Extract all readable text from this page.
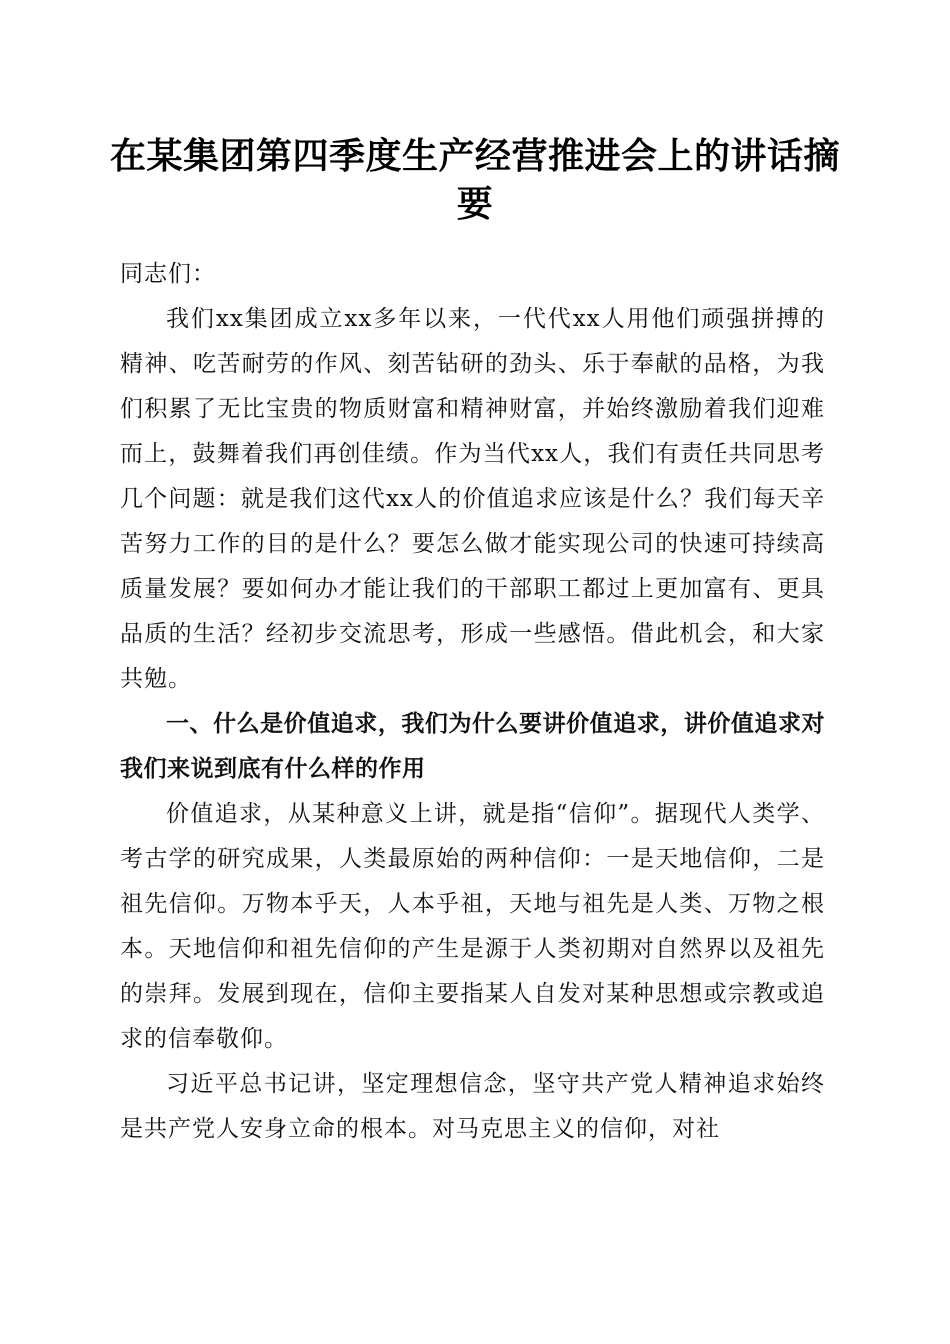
在某集团第四季度生产经营推进会上的讲话摘要

同志们：

我们xx集团成立xx多年以来，一代代xx人用他们顽强拼搏的精神、吃苦耐劳的作风、刻苦钻研的劲头、乐于奉献的品格，为我们积累了无比宝贵的物质财富和精神财富，并始终激励着我们迎难而上，鼓舞着我们再创佳绩。作为当代xx人，我们有责任共同思考几个问题：就是我们这代xx人的价值追求应该是什么？我们每天辛苦努力工作的目的是什么？要怎么做才能实现公司的快速可持续高质量发展？要如何办才能让我们的干部职工都过上更加富有、更具品质的生活？经初步交流思考，形成一些感悟。借此机会，和大家共勉。

一、什么是价值追求，我们为什么要讲价值追求，讲价值追求对我们来说到底有什么样的作用

价值追求，从某种意义上讲，就是指“信仰”。据现代人类学、考古学的研究成果，人类最原始的两种信仰：一是天地信仰，二是祖先信仰。万物本乎天，人本乎祖，天地与祖先是人类、万物之根本。天地信仰和祖先信仰的产生是源于人类初期对自然界以及祖先的崇拜。发展到现在，信仰主要指某人自发对某种思想或宗教或追求的信奉敬仰。

习近平总书记讲，坚定理想信念，坚守共产党人精神追求始终是共产党人安身立命的根本。对马克思主义的信仰，对社
